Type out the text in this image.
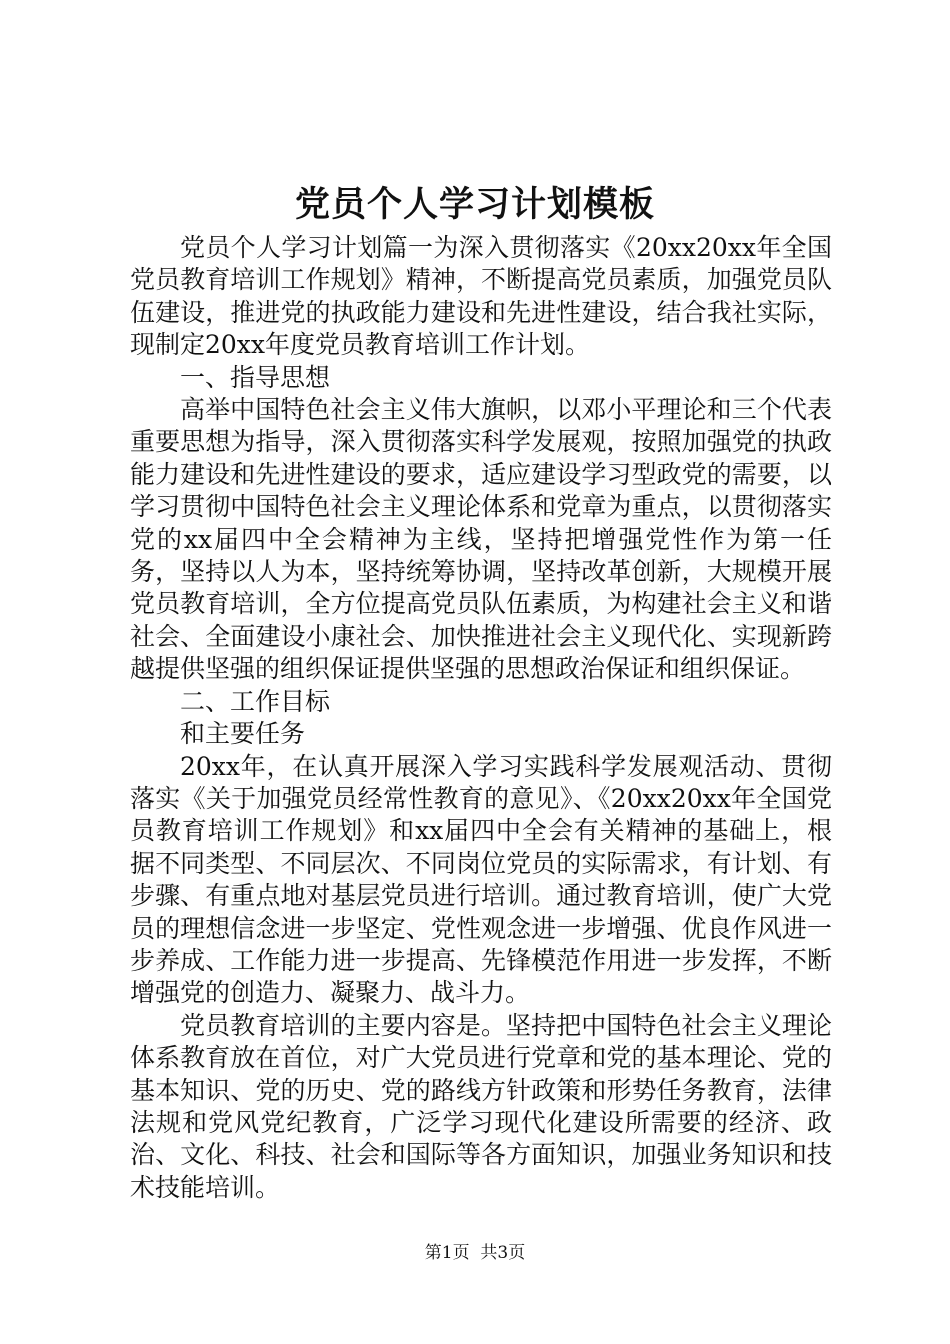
党员个人学习计划模板

党员个人学习计划篇一为深入贯彻落实《20xx20xx年全国党员教育培训工作规划》精神，不断提高党员素质，加强党员队伍建设，推进党的执政能力建设和先进性建设，结合我社实际，现制定20xx年度党员教育培训工作计划。

一、指导思想

高举中国特色社会主义伟大旗帜，以邓小平理论和三个代表重要思想为指导，深入贯彻落实科学发展观，按照加强党的执政能力建设和先进性建设的要求，适应建设学习型政党的需要，以学习贯彻中国特色社会主义理论体系和党章为重点，以贯彻落实党的xx届四中全会精神为主线，坚持把增强党性作为第一任务，坚持以人为本，坚持统筹协调，坚持改革创新，大规模开展党员教育培训，全方位提高党员队伍素质，为构建社会主义和谐社会、全面建设小康社会、加快推进社会主义现代化、实现新跨越提供坚强的组织保证提供坚强的思想政治保证和组织保证。

二、工作目标

和主要任务

20xx年，在认真开展深入学习实践科学发展观活动、贯彻落实《关于加强党员经常性教育的意见》、《20xx20xx年全国党员教育培训工作规划》和xx届四中全会有关精神的基础上，根据不同类型、不同层次、不同岗位党员的实际需求，有计划、有步骤、有重点地对基层党员进行培训。通过教育培训，使广大党员的理想信念进一步坚定、党性观念进一步增强、优良作风进一步养成、工作能力进一步提高、先锋模范作用进一步发挥，不断增强党的创造力、凝聚力、战斗力。

党员教育培训的主要内容是。坚持把中国特色社会主义理论体系教育放在首位，对广大党员进行党章和党的基本理论、党的基本知识、党的历史、党的路线方针政策和形势任务教育，法律法规和党风党纪教育，广泛学习现代化建设所需要的经济、政治、文化、科技、社会和国际等各方面知识，加强业务知识和技术技能培训。

第1页  共3页
